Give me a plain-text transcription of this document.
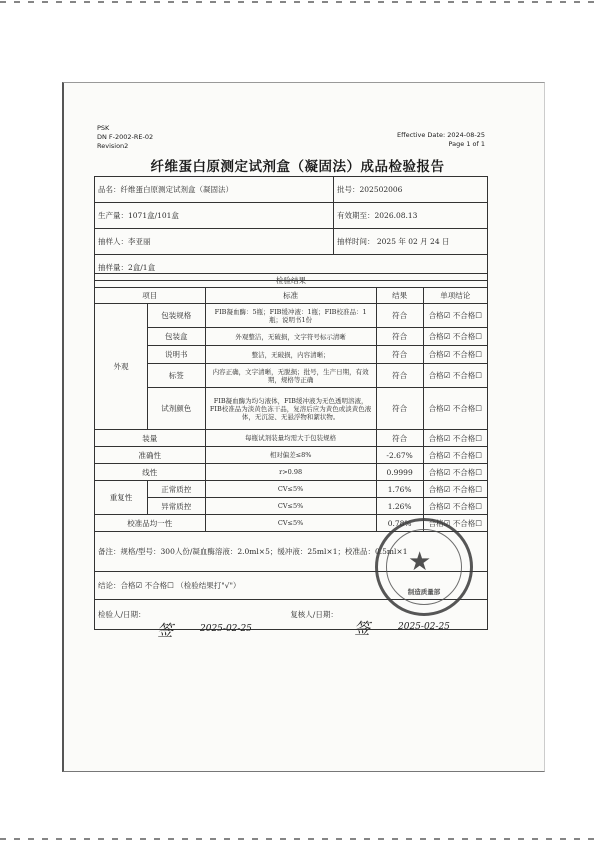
PSK
DN F-2002-RE-02
Revision2
Effective Date: 2024-08-25
Page 1 of 1
纤维蛋白原测定试剂盒（凝固法）成品检验报告
品名：纤维蛋白原测定试剂盒（凝固法）	批号：202502006
生产量：1071盒/101盒	有效期至：2026.08.13
抽样人：李亚丽	抽样时间： 2025 年 02 月 24 日
抽样量：2盒/1盒	
检验结果				
项目		标准	结果	单项结论
外观	包装规格	FIB凝血酶：5瓶；FIB缓冲液：1瓶；FIB校准品：1瓶；说明书1份	符合	合格☑ 不合格☐
	包装盒	外观整洁，无破损，文字符号标示清晰	符合	合格☑ 不合格☐
	说明书	整洁，无破损，内容清晰；	符合	合格☑ 不合格☐
	标签	内容正确，文字清晰，无脱损；批号，生产日期，有效期，规格等正确	符合	合格☑ 不合格☐
	试剂颜色	FIB凝血酶为均匀液体，FIB缓冲液为无色透明溶液，FIB校准品为淡黄色冻干品，复溶后应为黄色或淡黄色液体，无沉淀、无悬浮物和絮状物。	符合	合格☑ 不合格☐
装量		每瓶试剂装量均需大于包装规格	符合	合格☑ 不合格☐
准确性		相对偏差≤8%	-2.67%	合格☑ 不合格☐
线性		r>0.98	0.9999	合格☑ 不合格☐
重复性	正常质控	CV≤5%	1.76%	合格☑ 不合格☐
	异常质控	CV≤5%	1.26%	合格☑ 不合格☐
校准品均一性		CV≤5%	0.78%	合格☑ 不合格☐
备注：规格/型号：300人份/凝血酶溶液：2.0ml×5；缓冲液：25ml×1；校准品：0.5ml×1				
结论：合格☑ 不合格☐ （检验结果打"√"）				
检验人/日期： 复核人/日期：				
签	2025-02-25	签	2025-02-25
★
制造质量部
